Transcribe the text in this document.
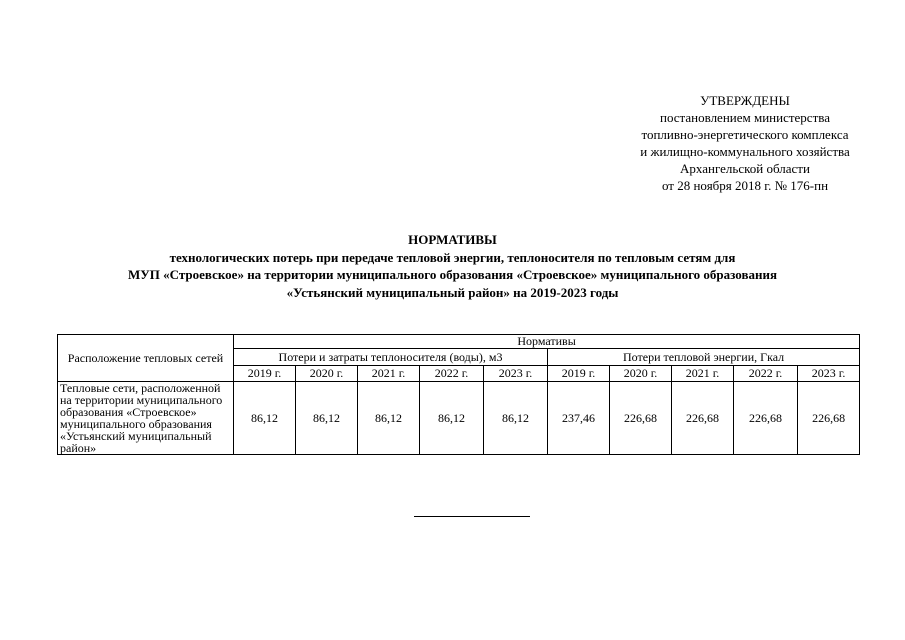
УТВЕРЖДЕНЫ
постановлением министерства
топливно-энергетического комплекса
и жилищно-коммунального хозяйства
Архангельской области
от 28 ноября 2018 г. № 176-пн
НОРМАТИВЫ
технологических потерь при передаче тепловой энергии, теплоносителя по тепловым сетям для
МУП «Строевское» на территории муниципального образования «Строевское» муниципального образования
«Устьянский муниципальный район» на 2019-2023 годы
Расположение тепловых сетей	Нормативы									
	Потери и затраты теплоносителя (воды), м3					Потери тепловой энергии, Гкал				
	2019 г.	2020 г.	2021 г.	2022 г.	2023 г.	2019 г.	2020 г.	2021 г.	2022 г.	2023 г.
Тепловые сети, расположенной на территории муниципального образования «Строевское» муниципального образования «Устьянский муниципальный район»	86,12	86,12	86,12	86,12	86,12	237,46	226,68	226,68	226,68	226,68
